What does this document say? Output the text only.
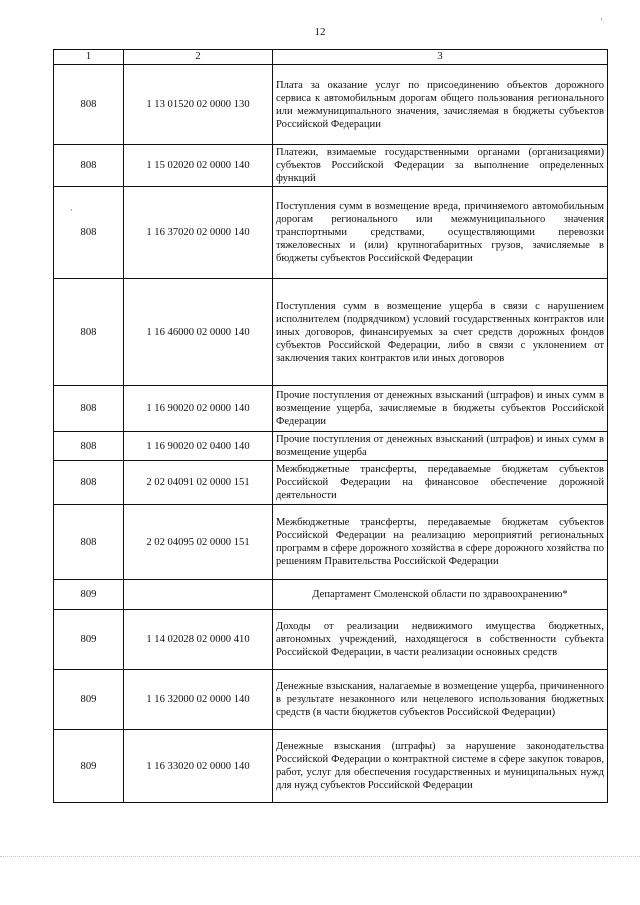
12
1	2	3
808	1 13 01520 02 0000 130	Плата за оказание услуг по присоединению объектов дорожного сервиса к автомобильным дорогам общего пользования регионального или межмуниципального значения, зачисляемая в бюджеты субъектов Российской Федерации
808	1 15 02020 02 0000 140	Платежи, взимаемые государственными органами (организациями) субъектов Российской Федерации за выполнение определенных функций
808	1 16 37020 02 0000 140	Поступления сумм в возмещение вреда, причиняемого автомобильным дорогам регионального или межмуниципального значения транспортными средствами, осуществляющими перевозки тяжеловесных и (или) крупногабаритных грузов, зачисляемые в бюджеты субъектов Российской Федерации
808	1 16 46000 02 0000 140	Поступления сумм в возмещение ущерба в связи с нарушением исполнителем (подрядчиком) условий государственных контрактов или иных договоров, финансируемых за счет средств дорожных фондов субъектов Российской Федерации, либо в связи с уклонением от заключения таких контрактов или иных договоров
808	1 16 90020 02 0000 140	Прочие поступления от денежных взысканий (штрафов) и иных сумм в возмещение ущерба, зачисляемые в бюджеты субъектов Российской Федерации
808	1 16 90020 02 0400 140	Прочие поступления от денежных взысканий (штрафов) и иных сумм в возмещение ущерба
808	2 02 04091 02 0000 151	Межбюджетные трансферты, передаваемые бюджетам субъектов Российской Федерации на финансовое обеспечение дорожной деятельности
808	2 02 04095 02 0000 151	Межбюджетные трансферты, передаваемые бюджетам субъектов Российской Федерации на реализацию мероприятий региональных программ в сфере дорожного хозяйства в сфере дорожного хозяйства по решениям Правительства Российской Федерации
809		Департамент Смоленской области по здравоохранению*
809	1 14 02028 02 0000 410	Доходы от реализации недвижимого имущества бюджетных, автономных учреждений, находящегося в собственности субъекта Российской Федерации, в части реализации основных средств
809	1 16 32000 02 0000 140	Денежные взыскания, налагаемые в возмещение ущерба, причиненного в результате незаконного или нецелевого использования бюджетных средств (в части бюджетов субъектов Российской Федерации)
809	1 16 33020 02 0000 140	Денежные взыскания (штрафы) за нарушение законодательства Российской Федерации о контрактной системе в сфере закупок товаров, работ, услуг для обеспечения государственных и муниципальных нужд для нужд субъектов Российской Федерации
·
·
